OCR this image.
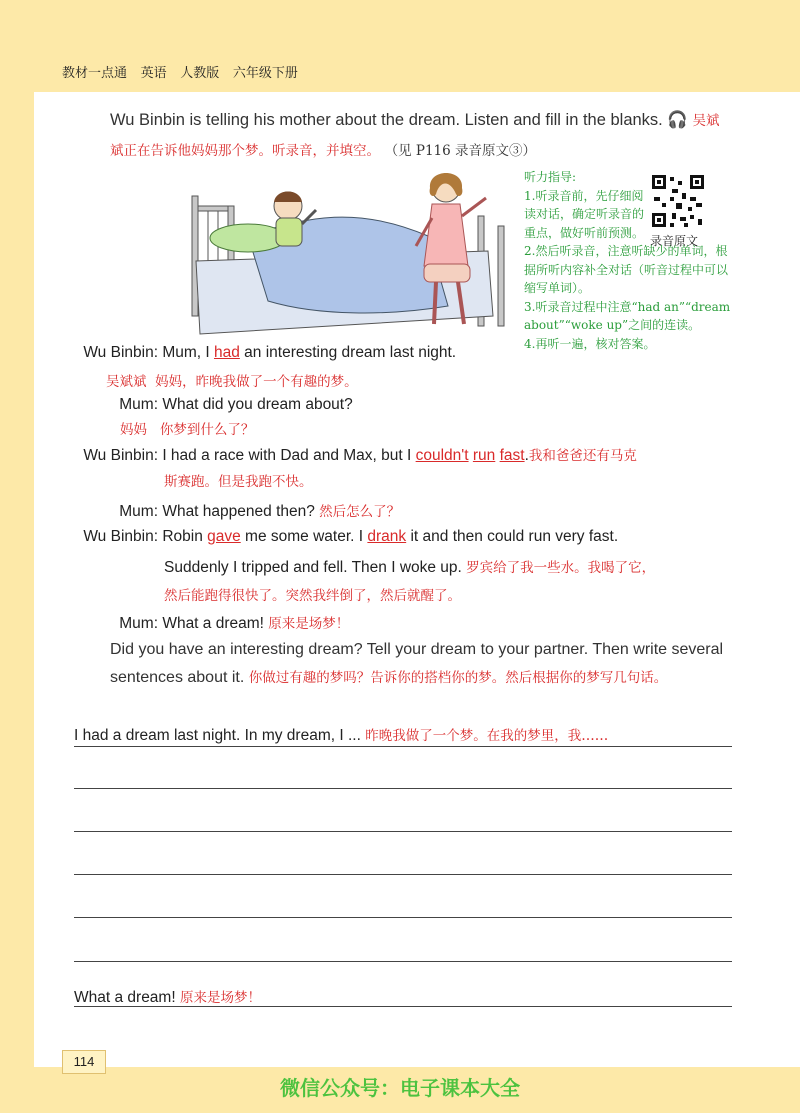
教材一点通 英语 人教版 六年级下册
Wu Binbin is telling his mother about the dream. Listen and fill in the blanks. 🎧 吴斌斌正在告诉他妈妈那个梦。听录音，并填空。 （见 P116 录音原文③）

听力指导:

1.听录音前，先仔细阅读对话，确定听录音的重点，做好听前预测。

2.然后听录音，注意听缺少的单词，根据所听内容补全对话（听音过程中可以缩写单词）。

3.听录音过程中注意“had an”“dream about”“woke up”之间的连读。

4.再听一遍，核对答案。

录音原文
Wu Binbin: Mum, I had an interesting dream last night.
吴斌斌 妈妈，昨晚我做了一个有趣的梦。
Mum: What did you dream about?
妈妈 你梦到什么了？
Wu Binbin: I had a race with Dad and Max, but I couldn't run fast.我和爸爸还有马克
斯赛跑。但是我跑不快。
Mum: What happened then? 然后怎么了？
Wu Binbin: Robin gave me some water. I drank it and then could run very fast.
Suddenly I tripped and fell. Then I woke up. 罗宾给了我一些水。我喝了它，
然后能跑得很快了。突然我绊倒了，然后就醒了。
Mum: What a dream! 原来是场梦！
Did you have an interesting dream? Tell your dream to your partner. Then write several sentences about it. 你做过有趣的梦吗？告诉你的搭档你的梦。然后根据你的梦写几句话。
I had a dream last night. In my dream, I ... 昨晚我做了一个梦。在我的梦里，我……
What a dream! 原来是场梦！
114
微信公众号：电子课本大全
